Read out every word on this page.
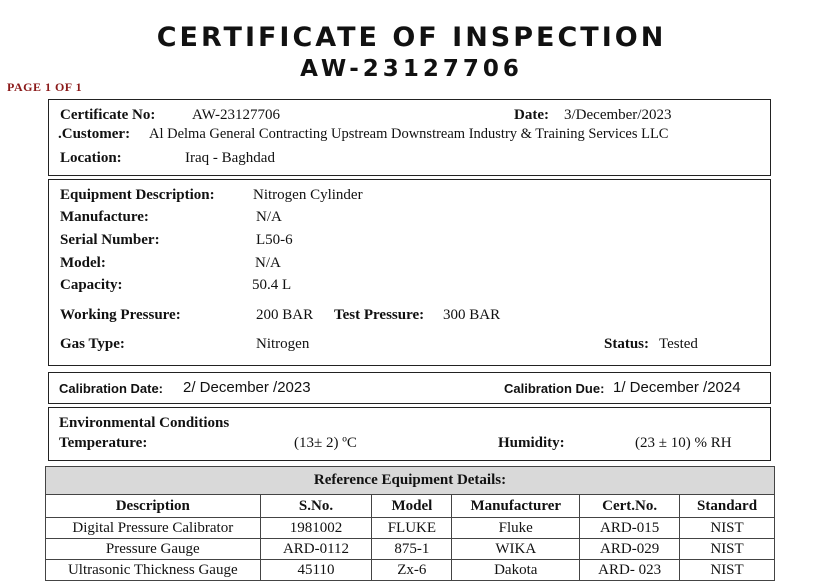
CERTIFICATE OF INSPECTION
AW-23127706
PAGE 1 OF 1
Certificate No: AW-23127706	Date: 3/December/2023
.Customer: Al Delma General Contracting Upstream Downstream Industry & Training Services LLC
Location:	Iraq - Baghdad
Equipment Description:	Nitrogen Cylinder
Manufacture:	N/A
Serial Number:	L50-6
Model:	N/A
Capacity:	50.4 L
Working Pressure:	200 BAR Test Pressure: 300 BAR
Gas Type:	Nitrogen	Status: Tested
Calibration Date: 2/ December /2023	Calibration Due: 1/ December /2024
Environmental Conditions
Temperature:	(13± 2) ºC	Humidity:	(23 ± 10) % RH
Reference Equipment Details:					
Description	S.No.	Model	Manufacturer	Cert.No.	Standard
Digital Pressure Calibrator	1981002	FLUKE	Fluke	ARD-015	NIST
Pressure Gauge	ARD-0112	875-1	WIKA	ARD-029	NIST
Ultrasonic Thickness Gauge	45110	Zx-6	Dakota	ARD- 023	NIST
